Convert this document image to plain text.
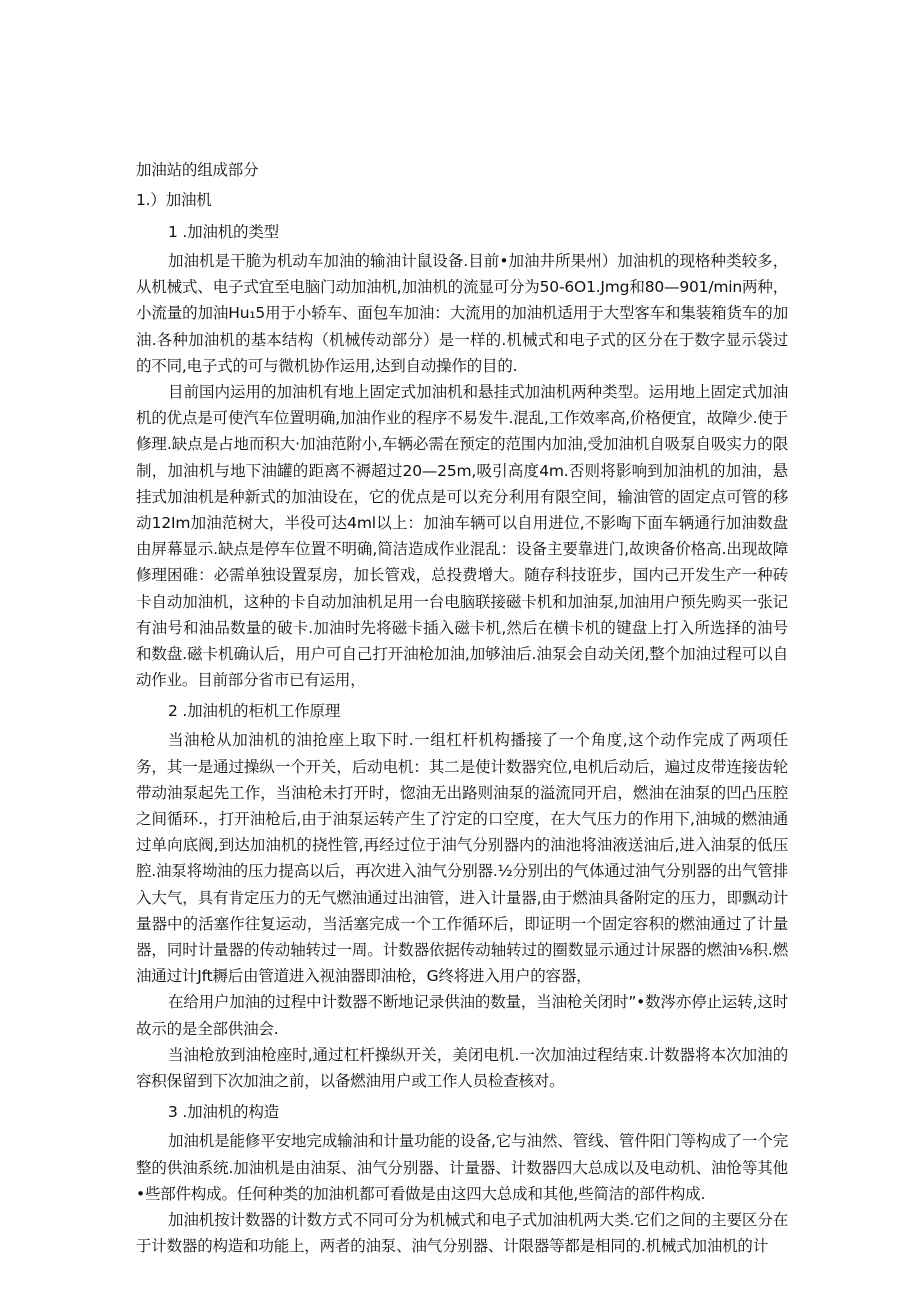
加油站的组成部分
1.）加油机
1 .加油机的类型

加油机是干脆为机动车加油的输油计鼠设备.目前•加油井所果州）加油机的现格种类较多，从机械式、电子式宜至电脑门动加油机,加油机的流显可分为50-6O1.Jmg和80—901/min两种，小流量的加油Hu₁5用于小轿车、面包车加油：大流用的加油机适用于大型客车和集装箱货车的加油.各种加油机的基本结构（机械传动部分）是一样的.机械式和电子式的区分在于数字显示袋过的不同,电子式的可与微机协作运用,达到自动操作的目的.

目前国内运用的加油机有地上固定式加油机和悬挂式加油机两种类型。运用地上固定式加油机的优点是可使汽车位置明确,加油作业的程序不易发牛.混乱,工作效率高,价格便宜，故障少.使于修理.缺点是占地而积大·加油范附小,车辆必需在预定的范围内加油,受加油机自吸泵自吸实力的限制，加油机与地下油罐的距离不褥超过20—25m,吸引高度4m.否则将影响到加油机的加油，悬挂式加油机是种新式的加油设在，它的优点是可以充分利用有限空间，输油管的固定点可管的移动12Im加油范树大，半役可达4ml以上：加油车辆可以自用进位,不影啕下面车辆通行加油数盘由屏幕显示.缺点是停车位置不明确,简洁造成作业混乱：设备主要靠进门,故谀备价格高.出现故障修理困碓：必需单独设置泵房，加长管戏，总投费增大。随存科技诳步，国内己开发生产一种砖卡自动加油机，这种的卡自动加油机足用一台电脑联接磁卡机和加油泵,加油用户预先购买一张记有油号和油品数量的破卡.加油时先将磁卡插入磁卡机,然后在横卡机的键盘上打入所选择的油号和数盘.磁卡机确认后，用户可自己打开油枪加油,加够油后.油泵会自动关闭,整个加油过程可以自动作业。目前部分省市已有运用，

2 .加油机的柜机工作原理

当油枪从加油机的油抢座上取下时.一组杠杆机构播接了一个角度,这个动作完成了两项任务，其一是通过操纵一个开关，后动电机：其二是使计数器究位,电机后动后，遍过皮带连接齿轮带动油泵起先工作，当油枪未打开时，惚油无出路则油泵的溢流同开启，燃油在油泵的凹凸压腔之间循环.，打开油枪后,由于油泵运转产生了泞定的口空度，在大气压力的作用下,油城的燃油通过单向底阀,到达加油机的挠性管,再经过位于油气分别器内的油池将油液送油后,进入油泵的低压腔.油泵将坳油的压力提高以后，再次进入油气分别器.½分别出的气体通过油气分别器的出气管排入大气，具有肯定压力的无气燃油通过出油管，进入计量器,由于燃油具备附定的压力，即飘动计量器中的活塞作往复运动，当活塞完成一个工作循环后，即证明一个固定容积的燃油通过了计量器，同时计量器的传动轴转过一周。计数器依据传动轴转过的圈数显示通过计尿器的燃油⅛积.燃油通过计Jft耨后由管道进入视油器即油枪，G终将进入用户的容器，

在给用户加油的过程中计数器不断地记录供油的数量，当油枪关闭时”•数涔亦停止运转,这时故示的是全部供油会.

当油枪放到油枪座时,通过杠杆操纵开关，美闭电机.一次加油过程结束.计数器将本次加油的容积保留到下次加油之前，以备燃油用户或工作人员检查核对。

3 .加油机的构造

加油机是能修平安地完成输油和计量功能的设备,它与油然、管线、管件阳门等构成了一个完整的供油系统.加油机是由油泵、油气分别器、计量器、计数器四大总成以及电动机、油怆等其他•些部件构成。任何种类的加油机都可看做是由这四大总成和其他,些简洁的部件构成.

加油机按计数器的计数方式不同可分为机械式和电子式加油机两大类.它们之间的主要区分在于计数器的构造和功能上，两者的油泵、油气分别器、计限器等都是相同的.机械式加油机的计
